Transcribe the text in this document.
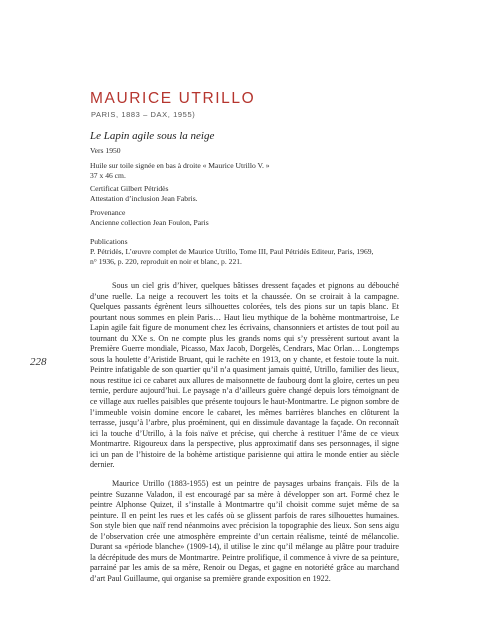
MAURICE UTRILLO
PARIS, 1883 – DAX, 1955)
Le Lapin agile sous la neige
Vers 1950
Huile sur toile signée en bas à droite « Maurice Utrillo V. »
37 x 46 cm.
Certificat Gilbert Pétridès
Attestation d’inclusion Jean Fabris.
Provenance
Ancienne collection Jean Foulon, Paris
Publications
P. Pétridès, L’œuvre complet de Maurice Utrillo, Tome III, Paul Pétridès Editeur, Paris, 1969,
n° 1936, p. 220, reproduit en noir et blanc, p. 221.
228

Sous un ciel gris d’hiver, quelques bâtisses dressent façades et pignons au débouché d’une ruelle. La neige a recouvert les toits et la chaussée. On se croirait à la campagne. Quelques passants égrènent leurs silhouettes colorées, tels des pions sur un tapis blanc. Et pourtant nous sommes en plein Paris… Haut lieu mythique de la bohème montmartroise, Le Lapin agile fait figure de monument chez les écrivains, chansonniers et artistes de tout poil au tournant du XXe s. On ne compte plus les grands noms qui s’y pressèrent surtout avant la Première Guerre mondiale, Picasso, Max Jacob, Dorgelès, Cendrars, Mac Orlan… Longtemps sous la houlette d’Aristide Bruant, qui le rachète en 1913, on y chante, et festoie toute la nuit. Peintre infatigable de son quartier qu’il n’a quasiment jamais quitté, Utrillo, familier des lieux, nous restitue ici ce cabaret aux allures de maisonnette de faubourg dont la gloire, certes un peu ternie, perdure aujourd’hui. Le paysage n’a d’ailleurs guère changé depuis lors témoignant de ce village aux ruelles paisibles que présente toujours le haut-Montmartre. Le pignon sombre de l’immeuble voisin domine encore le cabaret, les mêmes barrières blanches en clôturent la terrasse, jusqu’à l’arbre, plus proéminent, qui en dissimule davantage la façade. On reconnaît ici la touche d’Utrillo, à la fois naïve et précise, qui cherche à restituer l’âme de ce vieux Montmartre. Rigoureux dans la perspective, plus approximatif dans ses personnages, il signe ici un pan de l’histoire de la bohème artistique parisienne qui attira le monde entier au siècle dernier.

Maurice Utrillo (1883-1955) est un peintre de paysages urbains français. Fils de la peintre Suzanne Valadon, il est encouragé par sa mère à développer son art. Formé chez le peintre Alphonse Quizet, il s’installe à Montmartre qu’il choisit comme sujet même de sa peinture. Il en peint les rues et les cafés où se glissent parfois de rares silhouettes humaines. Son style bien que naïf rend néanmoins avec précision la topographie des lieux. Son sens aigu de l’observation crée une atmosphère empreinte d’un certain réalisme, teinté de mélancolie. Durant sa «période blanche» (1909-14), il utilise le zinc qu’il mélange au plâtre pour traduire la décrépitude des murs de Montmartre. Peintre prolifique, il commence à vivre de sa peinture, parrainé par les amis de sa mère, Renoir ou Degas, et gagne en notoriété grâce au marchand d’art Paul Guillaume, qui organise sa première grande exposition en 1922.
